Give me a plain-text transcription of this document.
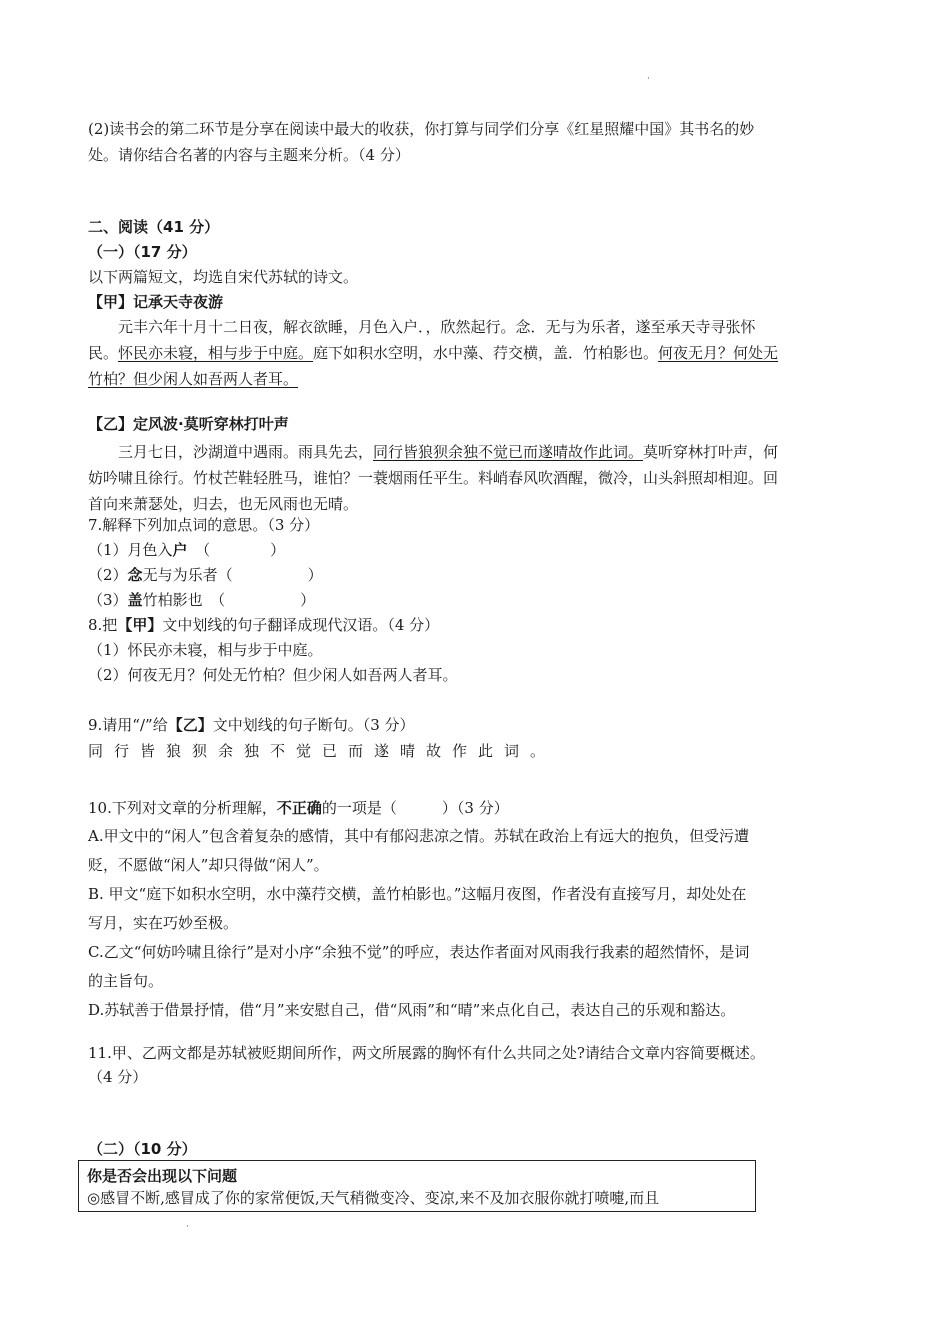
·
(2)读书会的第二环节是分享在阅读中最大的收获，你打算与同学们分享《红星照耀中国》其书名的妙
处。请你结合名著的内容与主题来分析。（4 分）
二、阅读（41 分）
（一）（17 分）
以下两篇短文，均选自宋代苏轼的诗文。
【甲】记承天寺夜游
元丰六年十月十二日夜，解衣欲睡，月色入户．，欣然起行。念．无与为乐者，遂至承天寺寻张怀
民。怀民亦未寝，相与步于中庭。庭下如积水空明，水中藻、荇交横，盖．竹柏影也。何夜无月？何处无
竹柏？但少闲人如吾两人者耳。
【乙】定风波·莫听穿林打叶声
三月七日，沙湖道中遇雨。雨具先去，同行皆狼狈余独不觉已而遂晴故作此词。莫听穿林打叶声，何
妨吟啸且徐行。竹杖芒鞋轻胜马，谁怕？一蓑烟雨任平生。料峭春风吹酒醒，微冷，山头斜照却相迎。回
首向来萧瑟处，归去，也无风雨也无晴。
7.解释下列加点词的意思。（3 分）
（1）月色入户　 （　　　　）
（2）念无与为乐者（　　　　　）
（3）盖竹柏影也　（　　　　　）
8.把【甲】文中划线的句子翻译成现代汉语。（4 分）
（1）怀民亦未寝，相与步于中庭。
（2）何夜无月？何处无竹柏？但少闲人如吾两人者耳。
9.请用“/”给【乙】文中划线的句子断句。（3 分）
同行皆狼狈余独不觉已而遂晴故作此词。
10.下列对文章的分析理解，不正确的一项是（　　　）（3 分）
A.甲文中的“闲人”包含着复杂的感情，其中有郁闷悲凉之情。苏轼在政治上有远大的抱负，但受污遭
贬，不愿做“闲人”却只得做“闲人”。
B. 甲文“庭下如积水空明，水中藻荇交横，盖竹柏影也。”这幅月夜图，作者没有直接写月，却处处在
写月，实在巧妙至极。
C.乙文“何妨吟啸且徐行”是对小序“余独不觉”的呼应，表达作者面对风雨我行我素的超然情怀，是词
的主旨句。
D.苏轼善于借景抒情，借“月”来安慰自己，借“风雨”和“晴”来点化自己，表达自己的乐观和豁达。
11.甲、乙两文都是苏轼被贬期间所作，两文所展露的胸怀有什么共同之处?请结合文章内容简要概述。
（4 分）
（二）（10 分）
你是否会出现以下问题
◎感冒不断,感冒成了你的家常便饭,天气稍微变冷、变凉,来不及加衣服你就打喷嚏,而且
·
